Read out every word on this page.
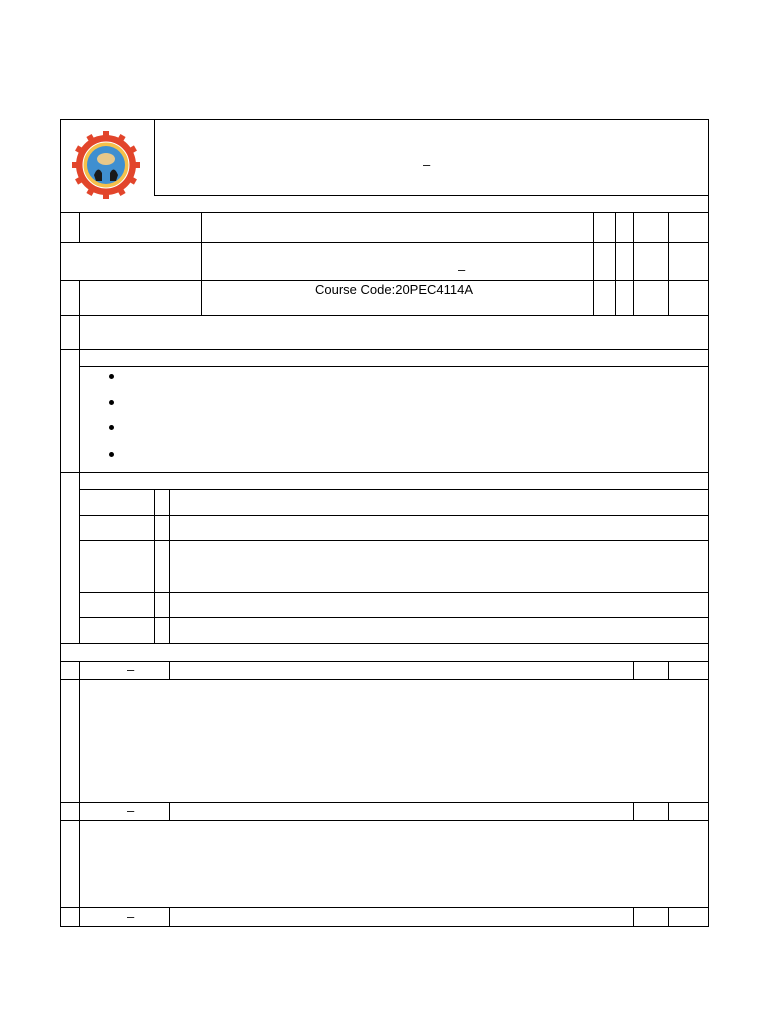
–
–
Course Code:20PEC4114A
–
–
–
